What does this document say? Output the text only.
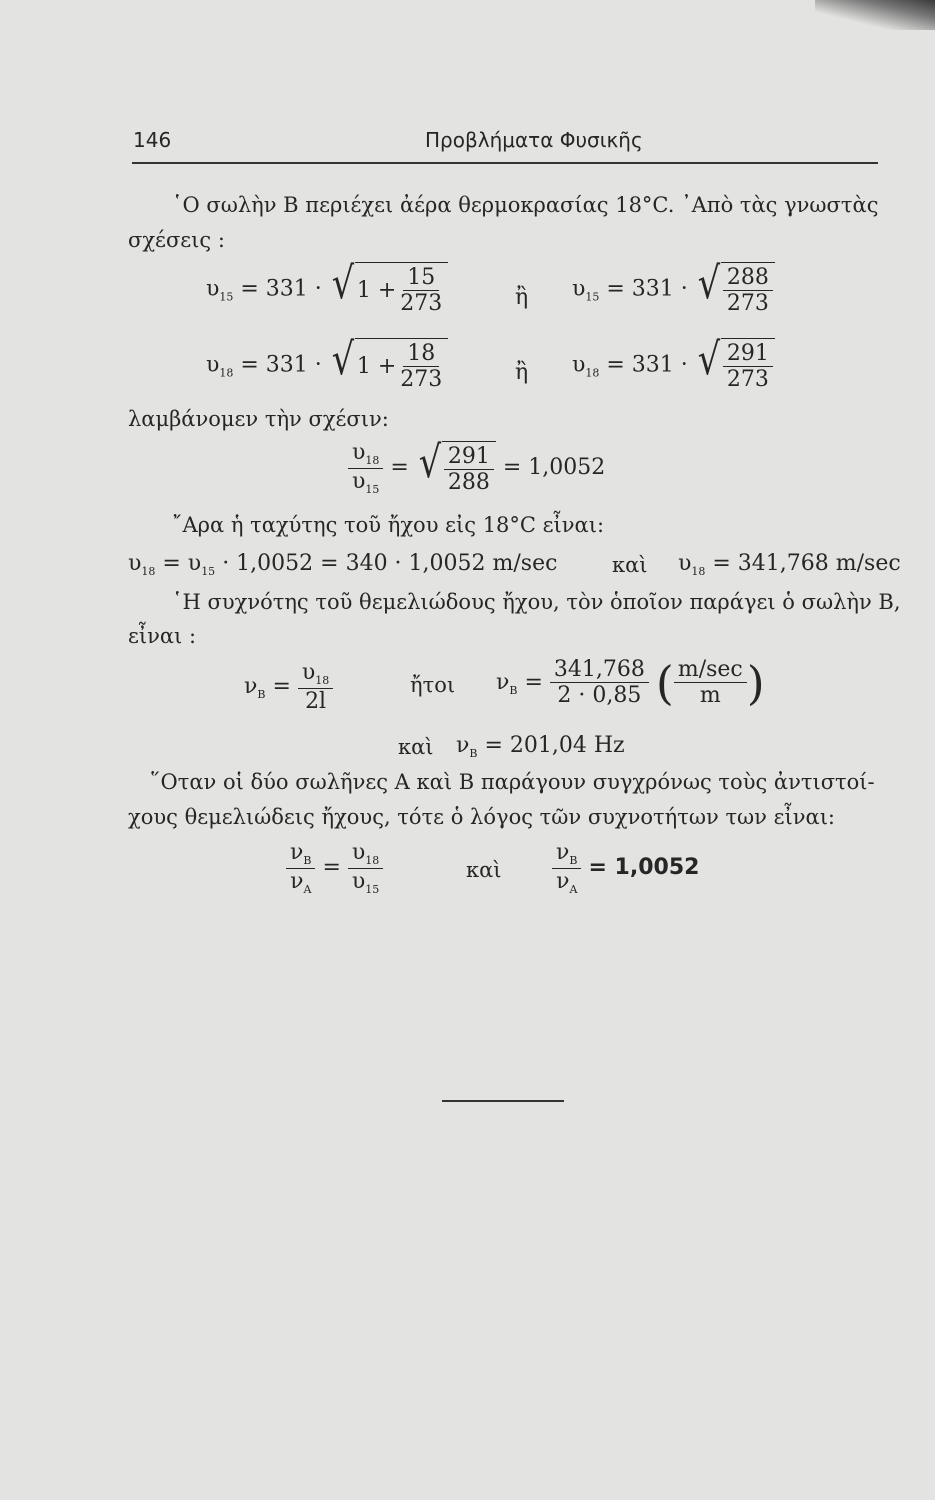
146	Προβλήματα Φυσικῆς
῾Ο σωλὴν Β περιέχει ἀέρα θερμοκρασίας 18°C. ᾿Απὸ τὰς γνωστὰς
σχέσεις :
$\upsilon_{15} = 331$ · √ $1 + \frac{15}{273}$	ἢ $\upsilon_{15} = 331$ · √ $\frac{288}{273}$
$\upsilon_{18} = 331$ · √ $1 + \frac{18}{273}$	ἢ $\upsilon_{18} = 331$ · √ $\frac{291}{273}$
λαμβάνομεν τὴν σχέσιν:
$\frac{\upsilon_{18}}{\upsilon_{15}}$ = √ $\frac{291}{288} = 1,0052$
῎Αρα ἡ ταχύτης τοῦ ἤχου εἰς 18°C εἶναι:
$\upsilon_{18} = \upsilon_{15} \cdot 1,0052 = 340 \cdot 1,0052$ m/sec	καὶ $\upsilon_{18} = 341,768$ m/sec
῾Η συχνότης τοῦ θεμελιώδους ἤχου, τὸν ὁποῖον παράγει ὁ σωλὴν Β,
εἶναι :
$\nu_B = \frac{\upsilon_{18}}{2l}$	ἤτοι $\nu_B = \frac{341,768}{2 \cdot 0,85}$ ( $\frac{m/\sec}{m}$ )
καὶ $\nu_B = 201,04$ Hz
῞Οταν οἱ δύο σωλῆνες Α καὶ Β παράγουν συγχρόνως τοὺς ἀντιστοί-
χους θεμελιώδεις ἤχους, τότε ὁ λόγος τῶν συχνοτήτων των εἶναι:
$\frac{\nu_B}{\nu_A} = \frac{\upsilon_{18}}{\upsilon_{15}}$	καὶ $\frac{\nu_B}{\nu_A} = 1,0052$
